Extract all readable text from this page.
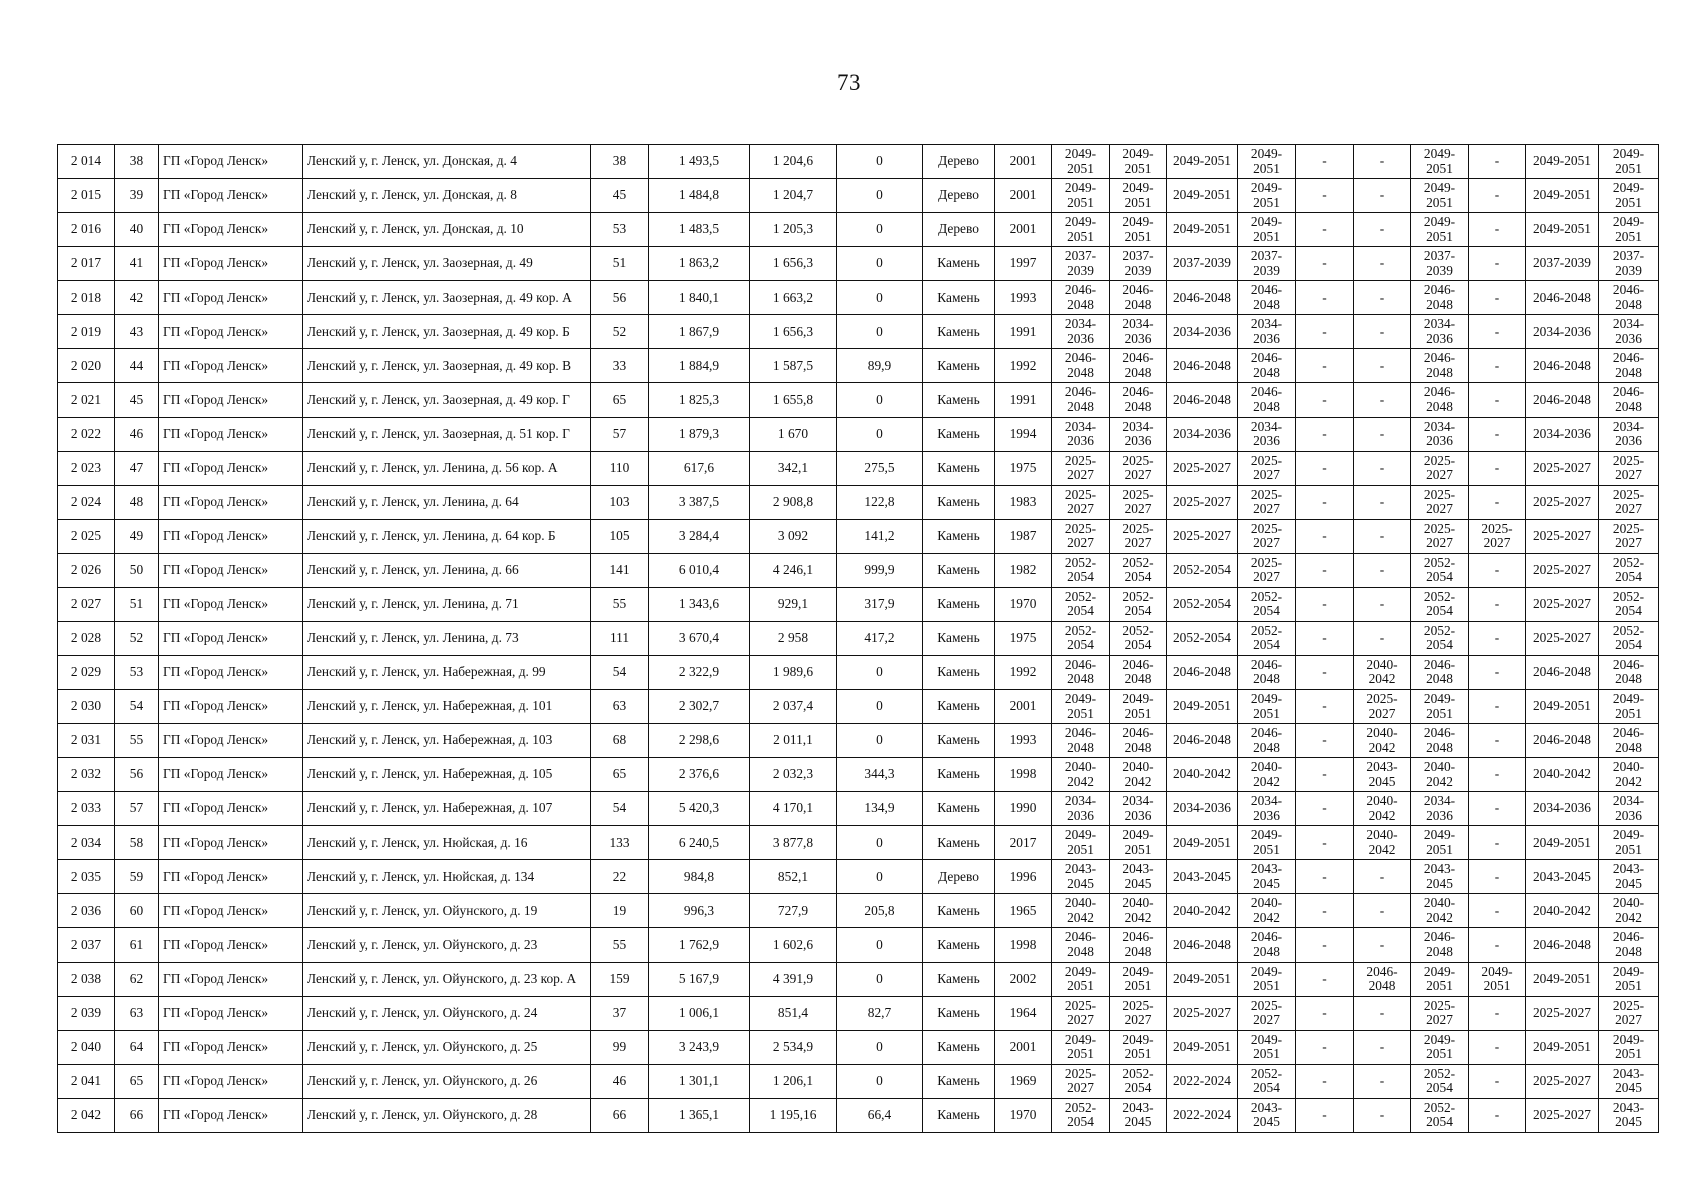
73
2 014	38	ГП «Город Ленск»	Ленский у, г. Ленск, ул. Донская, д. 4	38	1 493,5	1 204,6	0	Дерево	2001	2049-2051	2049-2051	2049-2051	2049-2051	-	-	2049-2051	-	2049-2051	2049-2051
2 015	39	ГП «Город Ленск»	Ленский у, г. Ленск, ул. Донская, д. 8	45	1 484,8	1 204,7	0	Дерево	2001	2049-2051	2049-2051	2049-2051	2049-2051	-	-	2049-2051	-	2049-2051	2049-2051
2 016	40	ГП «Город Ленск»	Ленский у, г. Ленск, ул. Донская, д. 10	53	1 483,5	1 205,3	0	Дерево	2001	2049-2051	2049-2051	2049-2051	2049-2051	-	-	2049-2051	-	2049-2051	2049-2051
2 017	41	ГП «Город Ленск»	Ленский у, г. Ленск, ул. Заозерная, д. 49	51	1 863,2	1 656,3	0	Камень	1997	2037-2039	2037-2039	2037-2039	2037-2039	-	-	2037-2039	-	2037-2039	2037-2039
2 018	42	ГП «Город Ленск»	Ленский у, г. Ленск, ул. Заозерная, д. 49 кор. А	56	1 840,1	1 663,2	0	Камень	1993	2046-2048	2046-2048	2046-2048	2046-2048	-	-	2046-2048	-	2046-2048	2046-2048
2 019	43	ГП «Город Ленск»	Ленский у, г. Ленск, ул. Заозерная, д. 49 кор. Б	52	1 867,9	1 656,3	0	Камень	1991	2034-2036	2034-2036	2034-2036	2034-2036	-	-	2034-2036	-	2034-2036	2034-2036
2 020	44	ГП «Город Ленск»	Ленский у, г. Ленск, ул. Заозерная, д. 49 кор. В	33	1 884,9	1 587,5	89,9	Камень	1992	2046-2048	2046-2048	2046-2048	2046-2048	-	-	2046-2048	-	2046-2048	2046-2048
2 021	45	ГП «Город Ленск»	Ленский у, г. Ленск, ул. Заозерная, д. 49 кор. Г	65	1 825,3	1 655,8	0	Камень	1991	2046-2048	2046-2048	2046-2048	2046-2048	-	-	2046-2048	-	2046-2048	2046-2048
2 022	46	ГП «Город Ленск»	Ленский у, г. Ленск, ул. Заозерная, д. 51 кор. Г	57	1 879,3	1 670	0	Камень	1994	2034-2036	2034-2036	2034-2036	2034-2036	-	-	2034-2036	-	2034-2036	2034-2036
2 023	47	ГП «Город Ленск»	Ленский у, г. Ленск, ул. Ленина, д. 56 кор. А	110	617,6	342,1	275,5	Камень	1975	2025-2027	2025-2027	2025-2027	2025-2027	-	-	2025-2027	-	2025-2027	2025-2027
2 024	48	ГП «Город Ленск»	Ленский у, г. Ленск, ул. Ленина, д. 64	103	3 387,5	2 908,8	122,8	Камень	1983	2025-2027	2025-2027	2025-2027	2025-2027	-	-	2025-2027	-	2025-2027	2025-2027
2 025	49	ГП «Город Ленск»	Ленский у, г. Ленск, ул. Ленина, д. 64 кор. Б	105	3 284,4	3 092	141,2	Камень	1987	2025-2027	2025-2027	2025-2027	2025-2027	-	-	2025-2027	2025-2027	2025-2027	2025-2027
2 026	50	ГП «Город Ленск»	Ленский у, г. Ленск, ул. Ленина, д. 66	141	6 010,4	4 246,1	999,9	Камень	1982	2052-2054	2052-2054	2052-2054	2025-2027	-	-	2052-2054	-	2025-2027	2052-2054
2 027	51	ГП «Город Ленск»	Ленский у, г. Ленск, ул. Ленина, д. 71	55	1 343,6	929,1	317,9	Камень	1970	2052-2054	2052-2054	2052-2054	2052-2054	-	-	2052-2054	-	2025-2027	2052-2054
2 028	52	ГП «Город Ленск»	Ленский у, г. Ленск, ул. Ленина, д. 73	111	3 670,4	2 958	417,2	Камень	1975	2052-2054	2052-2054	2052-2054	2052-2054	-	-	2052-2054	-	2025-2027	2052-2054
2 029	53	ГП «Город Ленск»	Ленский у, г. Ленск, ул. Набережная, д. 99	54	2 322,9	1 989,6	0	Камень	1992	2046-2048	2046-2048	2046-2048	2046-2048	-	2040-2042	2046-2048	-	2046-2048	2046-2048
2 030	54	ГП «Город Ленск»	Ленский у, г. Ленск, ул. Набережная, д. 101	63	2 302,7	2 037,4	0	Камень	2001	2049-2051	2049-2051	2049-2051	2049-2051	-	2025-2027	2049-2051	-	2049-2051	2049-2051
2 031	55	ГП «Город Ленск»	Ленский у, г. Ленск, ул. Набережная, д. 103	68	2 298,6	2 011,1	0	Камень	1993	2046-2048	2046-2048	2046-2048	2046-2048	-	2040-2042	2046-2048	-	2046-2048	2046-2048
2 032	56	ГП «Город Ленск»	Ленский у, г. Ленск, ул. Набережная, д. 105	65	2 376,6	2 032,3	344,3	Камень	1998	2040-2042	2040-2042	2040-2042	2040-2042	-	2043-2045	2040-2042	-	2040-2042	2040-2042
2 033	57	ГП «Город Ленск»	Ленский у, г. Ленск, ул. Набережная, д. 107	54	5 420,3	4 170,1	134,9	Камень	1990	2034-2036	2034-2036	2034-2036	2034-2036	-	2040-2042	2034-2036	-	2034-2036	2034-2036
2 034	58	ГП «Город Ленск»	Ленский у, г. Ленск, ул. Нюйская, д. 16	133	6 240,5	3 877,8	0	Камень	2017	2049-2051	2049-2051	2049-2051	2049-2051	-	2040-2042	2049-2051	-	2049-2051	2049-2051
2 035	59	ГП «Город Ленск»	Ленский у, г. Ленск, ул. Нюйская, д. 134	22	984,8	852,1	0	Дерево	1996	2043-2045	2043-2045	2043-2045	2043-2045	-	-	2043-2045	-	2043-2045	2043-2045
2 036	60	ГП «Город Ленск»	Ленский у, г. Ленск, ул. Ойунского, д. 19	19	996,3	727,9	205,8	Камень	1965	2040-2042	2040-2042	2040-2042	2040-2042	-	-	2040-2042	-	2040-2042	2040-2042
2 037	61	ГП «Город Ленск»	Ленский у, г. Ленск, ул. Ойунского, д. 23	55	1 762,9	1 602,6	0	Камень	1998	2046-2048	2046-2048	2046-2048	2046-2048	-	-	2046-2048	-	2046-2048	2046-2048
2 038	62	ГП «Город Ленск»	Ленский у, г. Ленск, ул. Ойунского, д. 23 кор. А	159	5 167,9	4 391,9	0	Камень	2002	2049-2051	2049-2051	2049-2051	2049-2051	-	2046-2048	2049-2051	2049-2051	2049-2051	2049-2051
2 039	63	ГП «Город Ленск»	Ленский у, г. Ленск, ул. Ойунского, д. 24	37	1 006,1	851,4	82,7	Камень	1964	2025-2027	2025-2027	2025-2027	2025-2027	-	-	2025-2027	-	2025-2027	2025-2027
2 040	64	ГП «Город Ленск»	Ленский у, г. Ленск, ул. Ойунского, д. 25	99	3 243,9	2 534,9	0	Камень	2001	2049-2051	2049-2051	2049-2051	2049-2051	-	-	2049-2051	-	2049-2051	2049-2051
2 041	65	ГП «Город Ленск»	Ленский у, г. Ленск, ул. Ойунского, д. 26	46	1 301,1	1 206,1	0	Камень	1969	2025-2027	2052-2054	2022-2024	2052-2054	-	-	2052-2054	-	2025-2027	2043-2045
2 042	66	ГП «Город Ленск»	Ленский у, г. Ленск, ул. Ойунского, д. 28	66	1 365,1	1 195,16	66,4	Камень	1970	2052-2054	2043-2045	2022-2024	2043-2045	-	-	2052-2054	-	2025-2027	2043-2045
